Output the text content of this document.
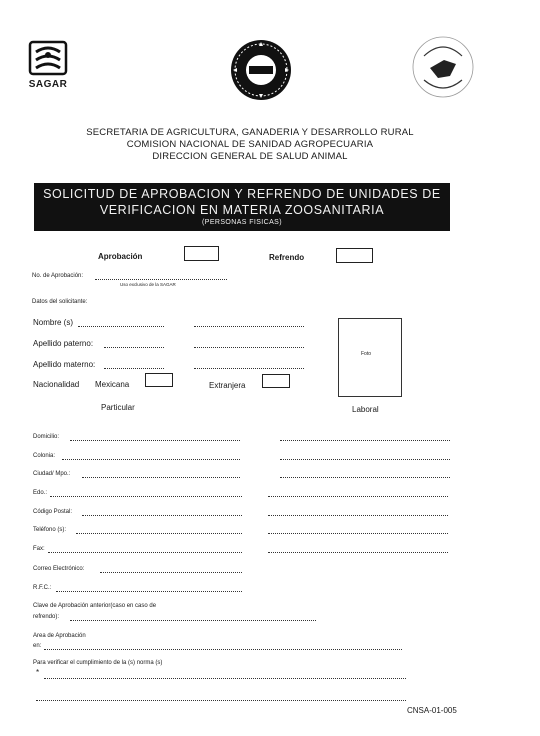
SAGAR
SECRETARIA DE AGRICULTURA, GANADERIA Y DESARROLLO RURAL
COMISION NACIONAL DE SANIDAD AGROPECUARIA
DIRECCION GENERAL DE SALUD ANIMAL
SOLICITUD DE APROBACION Y REFRENDO DE UNIDADES DE
VERIFICACION EN MATERIA ZOOSANITARIA
(PERSONAS FISICAS)
Aprobación	Refrendo
No. de Aprobación:
Uso exclusivo de la SAGAR
Datos del solicitante:
Nombre (s)
Apellido paterno:
Apellido materno:
Nacionalidad Mexicana	Extranjera
Foto
Particular	Laboral
Domicilio:
Colonia:
Ciudad/ Mpo.:
Edo.:
Código Postal:
Teléfono (s):
Fax:
Correo Electrónico:
R.F.C.:
Clave de Aprobación anterior(caso en caso de
refrendo):
Area de Aprobación
en:
Para verificar el cumplimiento de la (s) norma (s)
*
CNSA-01-005
